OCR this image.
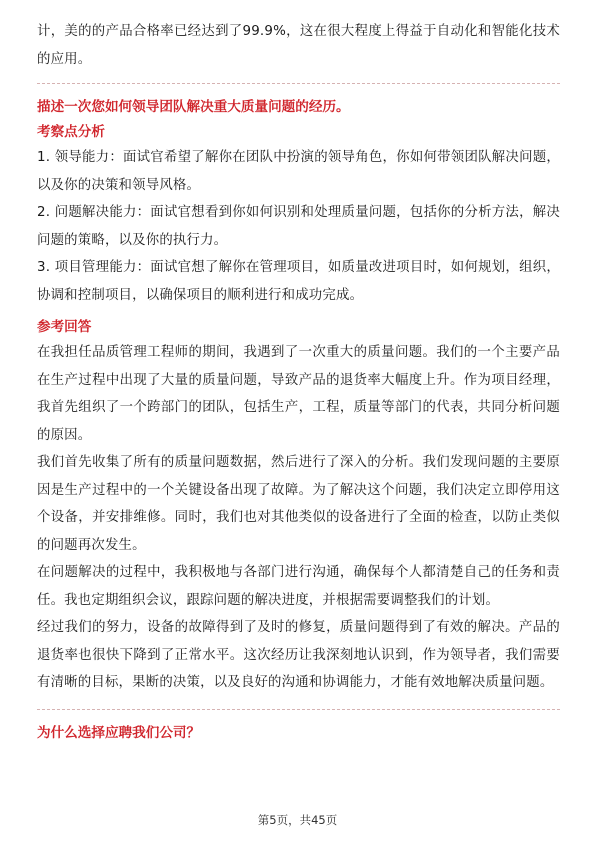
计，美的的产品合格率已经达到了99.9%，这在很大程度上得益于自动化和智能化技术的应用。

描述一次您如何领导团队解决重大质量问题的经历。
考察点分析

1. 领导能力：面试官希望了解你在团队中扮演的领导角色，你如何带领团队解决问题，以及你的决策和领导风格。

2. 问题解决能力：面试官想看到你如何识别和处理质量问题，包括你的分析方法，解决问题的策略，以及你的执行力。

3. 项目管理能力：面试官想了解你在管理项目，如质量改进项目时，如何规划，组织，协调和控制项目，以确保项目的顺利进行和成功完成。

参考回答

在我担任品质管理工程师的期间，我遇到了一次重大的质量问题。我们的一个主要产品在生产过程中出现了大量的质量问题，导致产品的退货率大幅度上升。作为项目经理，我首先组织了一个跨部门的团队，包括生产，工程，质量等部门的代表，共同分析问题的原因。

我们首先收集了所有的质量问题数据，然后进行了深入的分析。我们发现问题的主要原因是生产过程中的一个关键设备出现了故障。为了解决这个问题，我们决定立即停用这个设备，并安排维修。同时，我们也对其他类似的设备进行了全面的检查，以防止类似的问题再次发生。

在问题解决的过程中，我积极地与各部门进行沟通，确保每个人都清楚自己的任务和责任。我也定期组织会议，跟踪问题的解决进度，并根据需要调整我们的计划。

经过我们的努力，设备的故障得到了及时的修复，质量问题得到了有效的解决。产品的退货率也很快下降到了正常水平。这次经历让我深刻地认识到，作为领导者，我们需要有清晰的目标，果断的决策，以及良好的沟通和协调能力，才能有效地解决质量问题。

为什么选择应聘我们公司？
第5页，共45页
